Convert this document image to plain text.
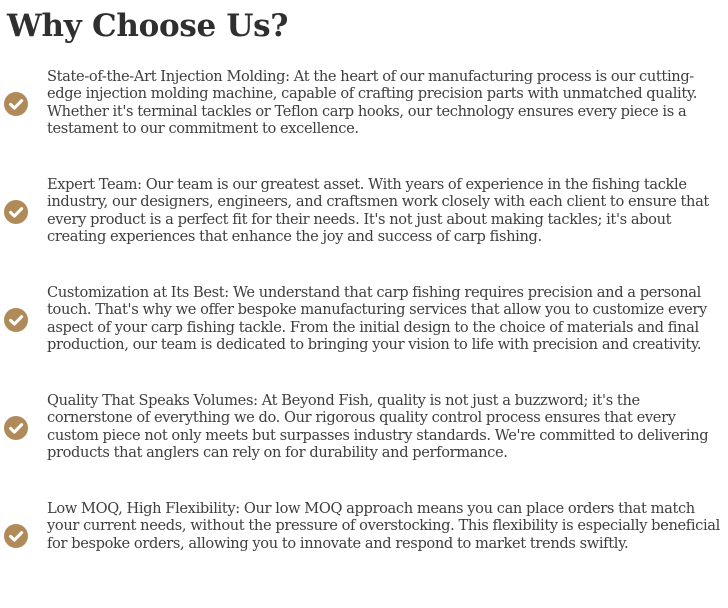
Why Choose Us?

State-of-the-Art Injection Molding: At the heart of our manufacturing process is our cutting-edge injection molding machine, capable of crafting precision parts with unmatched quality. Whether it's terminal tackles or Teflon carp hooks, our technology ensures every piece is a testament to our commitment to excellence.

Expert Team: Our team is our greatest asset. With years of experience in the fishing tackle industry, our designers, engineers, and craftsmen work closely with each client to ensure that every product is a perfect fit for their needs. It's not just about making tackles; it's about creating experiences that enhance the joy and success of carp fishing.

Customization at Its Best: We understand that carp fishing requires precision and a personal touch. That's why we offer bespoke manufacturing services that allow you to customize every aspect of your carp fishing tackle. From the initial design to the choice of materials and final production, our team is dedicated to bringing your vision to life with precision and creativity.

Quality That Speaks Volumes: At Beyond Fish, quality is not just a buzzword; it's the cornerstone of everything we do. Our rigorous quality control process ensures that every custom piece not only meets but surpasses industry standards. We're committed to delivering products that anglers can rely on for durability and performance.

Low MOQ, High Flexibility: Our low MOQ approach means you can place orders that match your current needs, without the pressure of overstocking. This flexibility is especially beneficial for bespoke orders, allowing you to innovate and respond to market trends swiftly.
